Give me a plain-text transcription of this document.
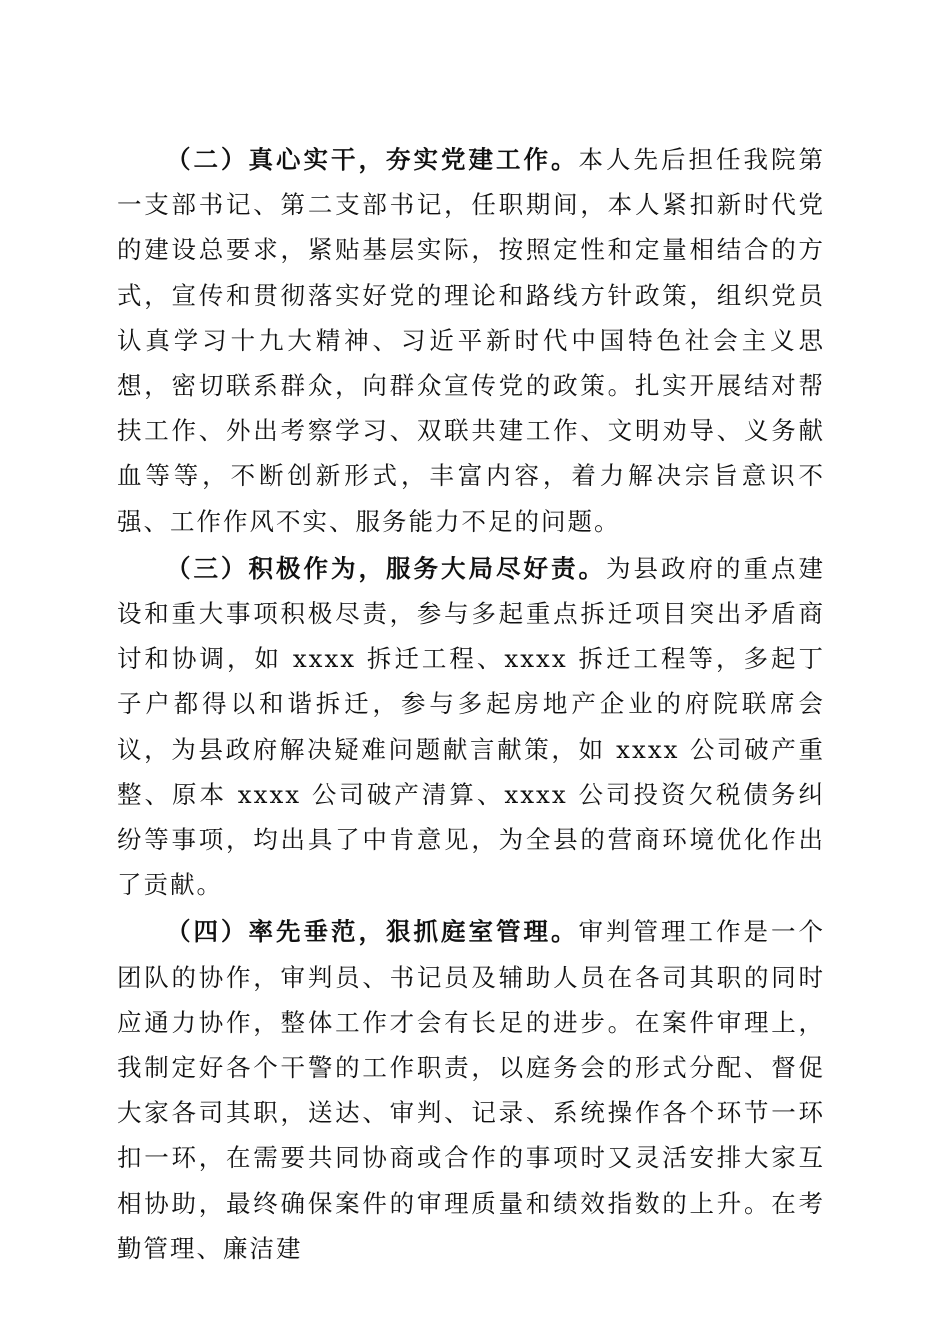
（二）真心实干，夯实党建工作。本人先后担任我院第一支部书记、第二支部书记，任职期间，本人紧扣新时代党的建设总要求，紧贴基层实际，按照定性和定量相结合的方式，宣传和贯彻落实好党的理论和路线方针政策，组织党员认真学习十九大精神、习近平新时代中国特色社会主义思想，密切联系群众，向群众宣传党的政策。扎实开展结对帮扶工作、外出考察学习、双联共建工作、文明劝导、义务献血等等，不断创新形式，丰富内容，着力解决宗旨意识不强、工作作风不实、服务能力不足的问题。

（三）积极作为，服务大局尽好责。为县政府的重点建设和重大事项积极尽责，参与多起重点拆迁项目突出矛盾商讨和协调，如 xxxx 拆迁工程、xxxx 拆迁工程等，多起丁子户都得以和谐拆迁，参与多起房地产企业的府院联席会议，为县政府解决疑难问题献言献策，如 xxxx 公司破产重整、原本 xxxx 公司破产清算、xxxx 公司投资欠税债务纠纷等事项，均出具了中肯意见，为全县的营商环境优化作出了贡献。

（四）率先垂范，狠抓庭室管理。审判管理工作是一个团队的协作，审判员、书记员及辅助人员在各司其职的同时应通力协作，整体工作才会有长足的进步。在案件审理上，我制定好各个干警的工作职责，以庭务会的形式分配、督促大家各司其职，送达、审判、记录、系统操作各个环节一环扣一环，在需要共同协商或合作的事项时又灵活安排大家互相协助，最终确保案件的审理质量和绩效指数的上升。在考勤管理、廉洁建
